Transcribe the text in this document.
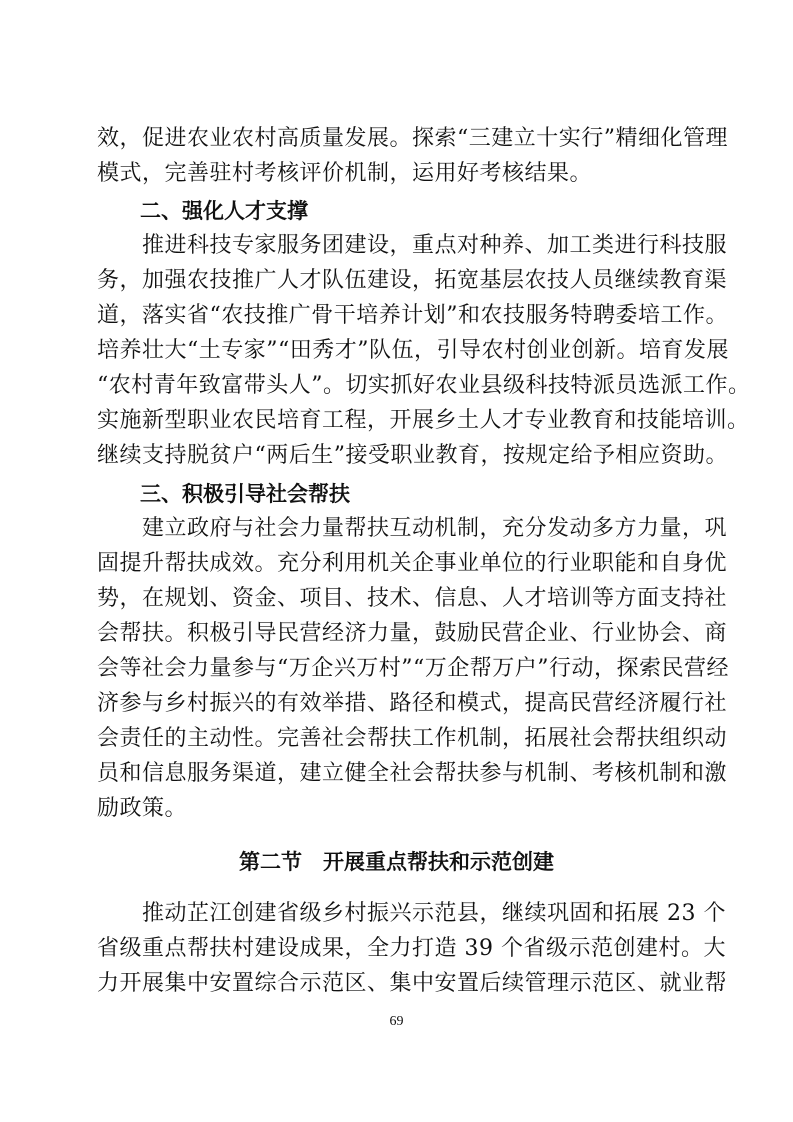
效，促进农业农村高质量发展。探索“三建立十实行”精细化管理
模式，完善驻村考核评价机制，运用好考核结果。
二、强化人才支撑
　　推进科技专家服务团建设，重点对种养、加工类进行科技服
务，加强农技推广人才队伍建设，拓宽基层农技人员继续教育渠
道，落实省“农技推广骨干培养计划”和农技服务特聘委培工作。
培养壮大“土专家”“田秀才”队伍，引导农村创业创新。培育发展
“农村青年致富带头人”。切实抓好农业县级科技特派员选派工作。
实施新型职业农民培育工程，开展乡土人才专业教育和技能培训。
继续支持脱贫户“两后生”接受职业教育，按规定给予相应资助。
三、积极引导社会帮扶
　　建立政府与社会力量帮扶互动机制，充分发动多方力量，巩
固提升帮扶成效。充分利用机关企事业单位的行业职能和自身优
势，在规划、资金、项目、技术、信息、人才培训等方面支持社
会帮扶。积极引导民营经济力量，鼓励民营企业、行业协会、商
会等社会力量参与“万企兴万村”“万企帮万户”行动，探索民营经
济参与乡村振兴的有效举措、路径和模式，提高民营经济履行社
会责任的主动性。完善社会帮扶工作机制，拓展社会帮扶组织动
员和信息服务渠道，建立健全社会帮扶参与机制、考核机制和激
励政策。
第二节　开展重点帮扶和示范创建
　　推动芷江创建省级乡村振兴示范县，继续巩固和拓展 23 个
省级重点帮扶村建设成果，全力打造 39 个省级示范创建村。大
力开展集中安置综合示范区、集中安置后续管理示范区、就业帮
69
